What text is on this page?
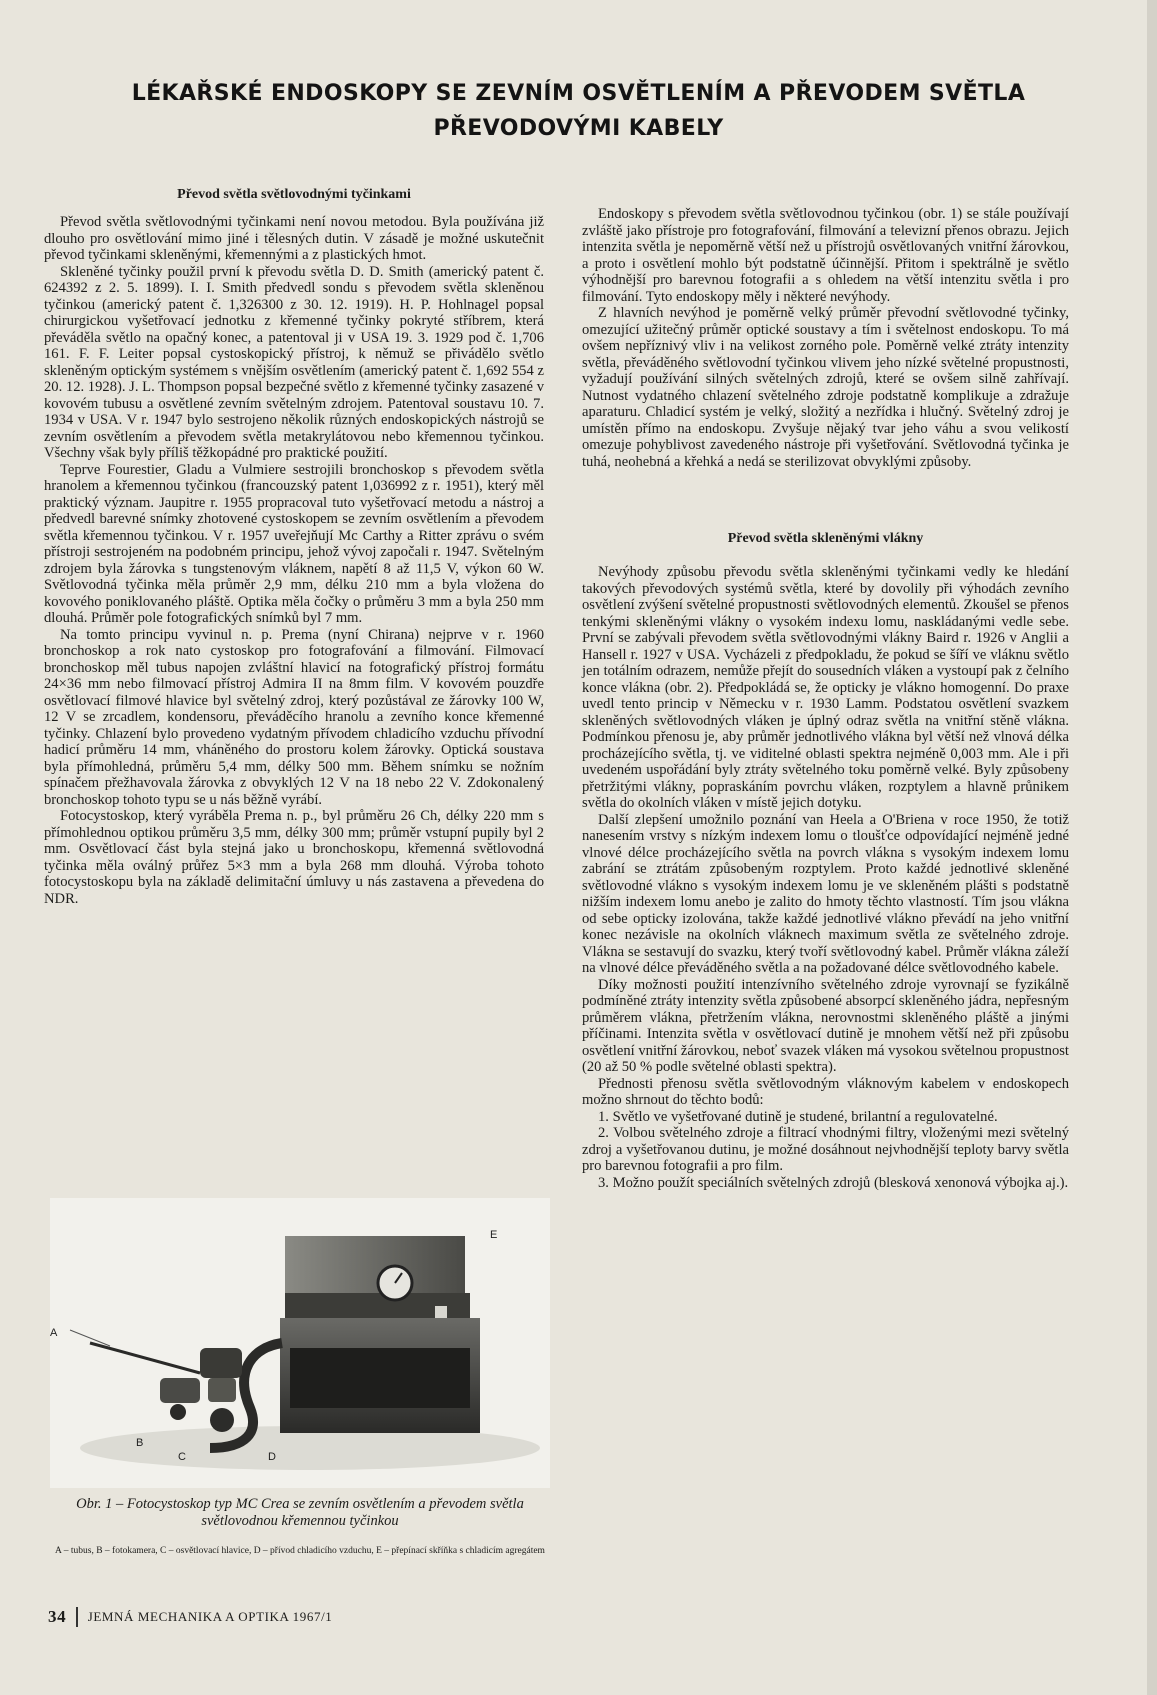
LÉKAŘSKÉ ENDOSKOPY SE ZEVNÍM OSVĚTLENÍM A PŘEVODEM SVĚTLA
PŘEVODOVÝMI KABELY
Převod světla světlovodnými tyčinkami

Převod světla světlovodnými tyčinkami není novou metodou. Byla používána již dlouho pro osvětlování mimo jiné i tělesných dutin. V zásadě je možné uskutečnit převod tyčinkami skleněnými, křemennými a z plastických hmot.

Skleněné tyčinky použil první k převodu světla D. D. Smith (americký patent č. 624392 z 2. 5. 1899). I. I. Smith předvedl sondu s převodem světla skleněnou tyčinkou (americký patent č. 1,326300 z 30. 12. 1919). H. P. Hohlnagel popsal chirurgickou vyšetřovací jednotku z křemenné tyčinky pokryté stříbrem, která převáděla světlo na opačný konec, a patentoval ji v USA 19. 3. 1929 pod č. 1,706 161. F. F. Leiter popsal cystoskopický přístroj, k němuž se přivádělo světlo skleněným optickým systémem s vnějším osvětlením (americký patent č. 1,692 554 z 20. 12. 1928). J. L. Thompson popsal bezpečné světlo z křemenné tyčinky zasazené v kovovém tubusu a osvětlené zevním světelným zdrojem. Patentoval soustavu 10. 7. 1934 v USA. V r. 1947 bylo sestrojeno několik různých endoskopických nástrojů se zevním osvětlením a převodem světla metakrylátovou nebo křemennou tyčinkou. Všechny však byly příliš těžkopádné pro praktické použití.

Teprve Fourestier, Gladu a Vulmiere sestrojili bronchoskop s převodem světla hranolem a křemennou tyčinkou (francouzský patent 1,036992 z r. 1951), který měl praktický význam. Jaupitre r. 1955 propracoval tuto vyšetřovací metodu a nástroj a předvedl barevné snímky zhotovené cystoskopem se zevním osvětlením a převodem světla křemennou tyčinkou. V r. 1957 uveřejňují Mc Carthy a Ritter zprávu o svém přístroji sestrojeném na podobném principu, jehož vývoj započali r. 1947. Světelným zdrojem byla žárovka s tungstenovým vláknem, napětí 8 až 11,5 V, výkon 60 W. Světlovodná tyčinka měla průměr 2,9 mm, délku 210 mm a byla vložena do kovového poniklovaného pláště. Optika měla čočky o průměru 3 mm a byla 250 mm dlouhá. Průměr pole fotografických snímků byl 7 mm.

Na tomto principu vyvinul n. p. Prema (nyní Chirana) nejprve v r. 1960 bronchoskop a rok nato cystoskop pro fotografování a filmování. Filmovací bronchoskop měl tubus napojen zvláštní hlavicí na fotografický přístroj formátu 24×36 mm nebo filmovací přístroj Admira II na 8mm film. V kovovém pouzdře osvětlovací filmové hlavice byl světelný zdroj, který pozůstával ze žárovky 100 W, 12 V se zrcadlem, kondensoru, převáděcího hranolu a zevního konce křemenné tyčinky. Chlazení bylo provedeno vydatným přívodem chladicího vzduchu přívodní hadicí průměru 14 mm, vháněného do prostoru kolem žárovky. Optická soustava byla přímohledná, průměru 5,4 mm, délky 500 mm. Během snímku se nožním spínačem přežhavovala žárovka z obvyklých 12 V na 18 nebo 22 V. Zdokonalený bronchoskop tohoto typu se u nás běžně vyrábí.

Fotocystoskop, který vyráběla Prema n. p., byl průměru 26 Ch, délky 220 mm s přímohlednou optikou průměru 3,5 mm, délky 300 mm; průměr vstupní pupily byl 2 mm. Osvětlovací část byla stejná jako u bronchoskopu, křemenná světlovodná tyčinka měla oválný průřez 5×3 mm a byla 268 mm dlouhá. Výroba tohoto fotocystoskopu byla na základě delimitační úmluvy u nás zastavena a převedena do NDR.

A
C
B
D
E
Obr. 1 – Fotocystoskop typ MC Crea se zevním osvětlením a převodem světla světlovodnou křemennou tyčinkou
A – tubus, B – fotokamera, C – osvětlovací hlavice, D – přívod chladicího vzduchu, E – přepínací skříňka s chladicím agregátem

Endoskopy s převodem světla světlovodnou tyčinkou (obr. 1) se stále používají zvláště jako přístroje pro fotografování, filmování a televizní přenos obrazu. Jejich intenzita světla je nepoměrně větší než u přístrojů osvětlovaných vnitřní žárovkou, a proto i osvětlení mohlo být podstatně účinnější. Přitom i spektrálně je světlo výhodnější pro barevnou fotografii a s ohledem na větší intenzitu světla i pro filmování. Tyto endoskopy měly i některé nevýhody.

Z hlavních nevýhod je poměrně velký průměr převodní světlovodné tyčinky, omezující užitečný průměr optické soustavy a tím i světelnost endoskopu. To má ovšem nepříznivý vliv i na velikost zorného pole. Poměrně velké ztráty intenzity světla, převáděného světlovodní tyčinkou vlivem jeho nízké světelné propustnosti, vyžadují používání silných světelných zdrojů, které se ovšem silně zahřívají. Nutnost vydatného chlazení světelného zdroje podstatně komplikuje a zdražuje aparaturu. Chladicí systém je velký, složitý a nezřídka i hlučný. Světelný zdroj je umístěn přímo na endoskopu. Zvyšuje nějaký tvar jeho váhu a svou velikostí omezuje pohyblivost zavedeného nástroje při vyšetřování. Světlovodná tyčinka je tuhá, neohebná a křehká a nedá se sterilizovat obvyklými způsoby.

Převod světla skleněnými vlákny

Nevýhody způsobu převodu světla skleněnými tyčinkami vedly ke hledání takových převodových systémů světla, které by dovolily při výhodách zevního osvětlení zvýšení světelné propustnosti světlovodných elementů. Zkoušel se přenos tenkými skleněnými vlákny o vysokém indexu lomu, naskládanými vedle sebe. První se zabývali převodem světla světlovodnými vlákny Baird r. 1926 v Anglii a Hansell r. 1927 v USA. Vycházeli z předpokladu, že pokud se šíří ve vláknu světlo jen totálním odrazem, nemůže přejít do sousedních vláken a vystoupí pak z čelního konce vlákna (obr. 2). Předpokládá se, že opticky je vlákno homogenní. Do praxe uvedl tento princip v Německu v r. 1930 Lamm. Podstatou osvětlení svazkem skleněných světlovodných vláken je úplný odraz světla na vnitřní stěně vlákna. Podmínkou přenosu je, aby průměr jednotlivého vlákna byl větší než vlnová délka procházejícího světla, tj. ve viditelné oblasti spektra nejméně 0,003 mm. Ale i při uvedeném uspořádání byly ztráty světelného toku poměrně velké. Byly způsobeny přetržitými vlákny, popraskáním povrchu vláken, rozptylem a hlavně průnikem světla do okolních vláken v místě jejich dotyku.

Další zlepšení umožnilo poznání van Heela a O'Briena v roce 1950, že totiž nanesením vrstvy s nízkým indexem lomu o tloušťce odpovídající nejméně jedné vlnové délce procházejícího světla na povrch vlákna s vysokým indexem lomu zabrání se ztrátám způsobeným rozptylem. Proto každé jednotlivé skleněné světlovodné vlákno s vysokým indexem lomu je ve skleněném plášti s podstatně nižším indexem lomu anebo je zalito do hmoty těchto vlastností. Tím jsou vlákna od sebe opticky izolována, takže každé jednotlivé vlákno převádí na jeho vnitřní konec nezávisle na okolních vláknech maximum světla ze světelného zdroje. Vlákna se sestavují do svazku, který tvoří světlovodný kabel. Průměr vlákna záleží na vlnové délce převáděného světla a na požadované délce světlovodného kabele.

Díky možnosti použití intenzívního světelného zdroje vyrovnají se fyzikálně podmíněné ztráty intenzity světla způsobené absorpcí skleněného jádra, nepřesným průměrem vlákna, přetržením vlákna, nerovnostmi skleněného pláště a jinými příčinami. Intenzita světla v osvětlovací dutině je mnohem větší než při způsobu osvětlení vnitřní žárovkou, neboť svazek vláken má vysokou světelnou propustnost (20 až 50 % podle světelné oblasti spektra).

Přednosti přenosu světla světlovodným vláknovým kabelem v endoskopech možno shrnout do těchto bodů:

1. Světlo ve vyšetřované dutině je studené, brilantní a regulovatelné.

2. Volbou světelného zdroje a filtrací vhodnými filtry, vloženými mezi světelný zdroj a vyšetřovanou dutinu, je možné dosáhnout nejvhodnější teploty barvy světla pro barevnou fotografii a pro film.

3. Možno použít speciálních světelných zdrojů (blesková xenonová výbojka aj.).

34 JEMNÁ MECHANIKA A OPTIKA 1967/1
